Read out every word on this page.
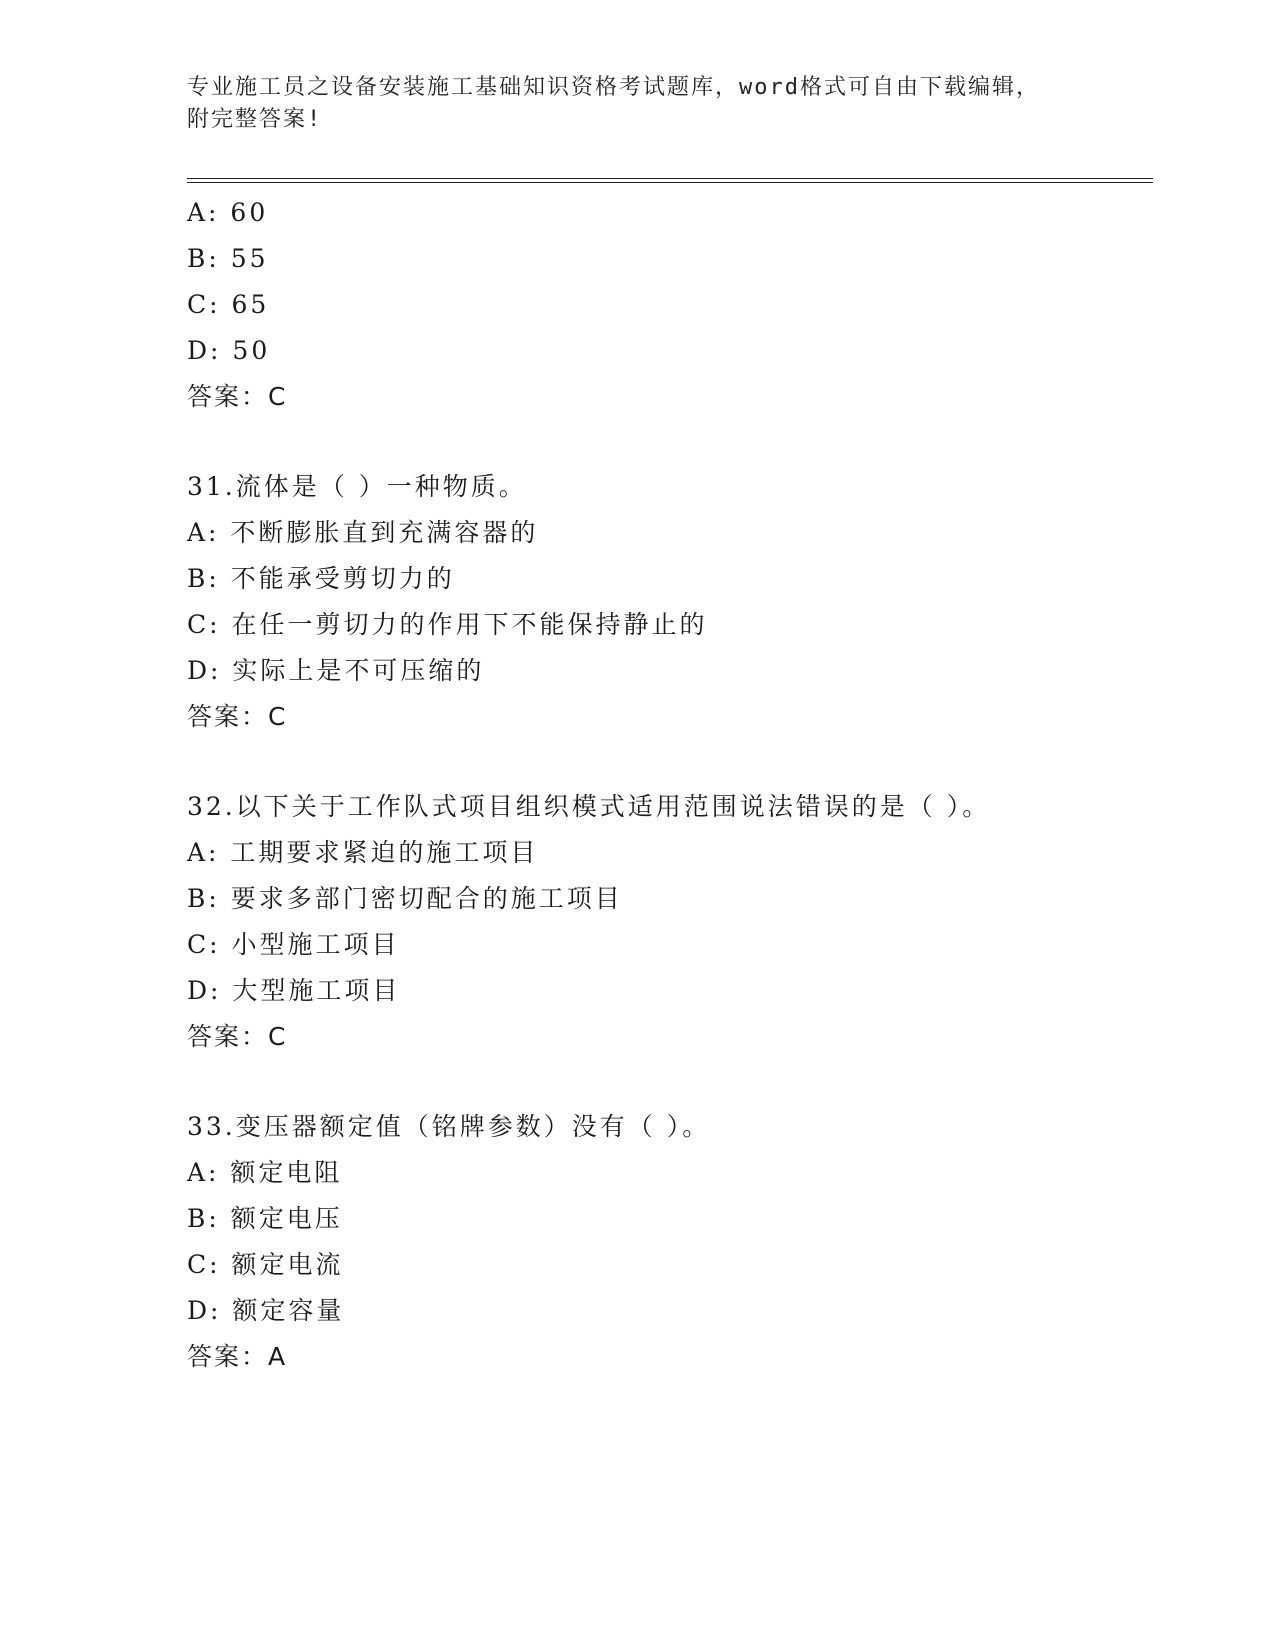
专业施工员之设备安装施工基础知识资格考试题库，word格式可自由下载编辑，
附完整答案!
A: 60
B: 55
C: 65
D: 50
答案：C
31.流体是（ ）一种物质。
A: 不断膨胀直到充满容器的
B: 不能承受剪切力的
C: 在任一剪切力的作用下不能保持静止的
D: 实际上是不可压缩的
答案：C
32.以下关于工作队式项目组织模式适用范围说法错误的是（ ）。
A: 工期要求紧迫的施工项目
B: 要求多部门密切配合的施工项目
C: 小型施工项目
D: 大型施工项目
答案：C
33.变压器额定值（铭牌参数）没有（ ）。
A: 额定电阻
B: 额定电压
C: 额定电流
D: 额定容量
答案：A
